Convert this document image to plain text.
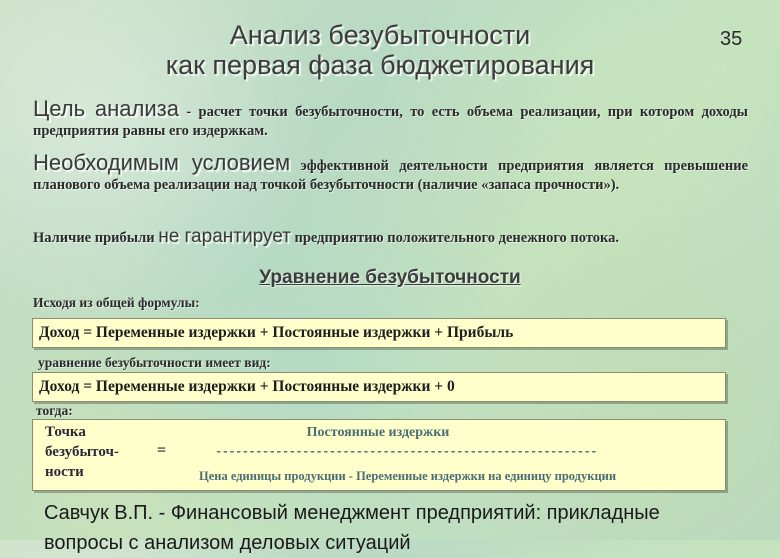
Анализ безубыточности
как первая фаза бюджетирования
35
Цель анализа - расчет точки безубыточности, то есть объема реализации, при котором доходы предприятия равны его издержкам.
Необходимым условием эффективной деятельности предприятия является превышение планового объема реализации над точкой безубыточности (наличие «запаса прочности»).
Наличие прибыли не гарантирует предприятию положительного денежного потока.
Уравнение безубыточности
Исходя из общей формулы:
Доход = Переменные издержки + Постоянные издержки + Прибыль
уравнение безубыточности имеет вид:
Доход = Переменные издержки + Постоянные издержки + 0
тогда:
Точка
безубыточ-
ности
=
Постоянные издержки
---------------------------------------------------------
Цена единицы продукции - Переменные издержки на единицу продукции
Савчук В.П. - Финансовый менеджмент предприятий: прикладные вопросы с анализом деловых ситуаций
